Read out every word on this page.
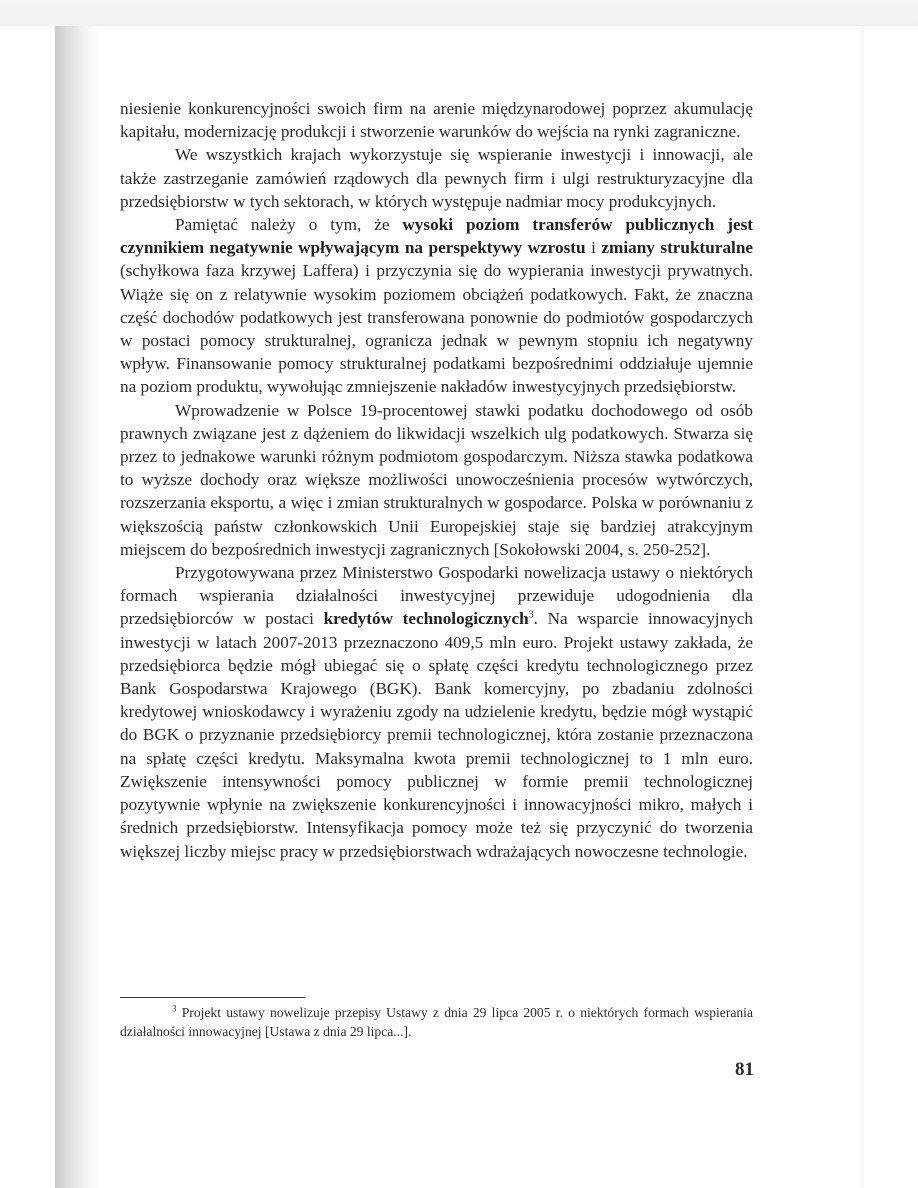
niesienie konkurencyjności swoich firm na arenie międzynarodowej poprzez akumulację kapitału, modernizację produkcji i stworzenie warunków do wejścia na rynki zagraniczne.

We wszystkich krajach wykorzystuje się wspieranie inwestycji i innowacji, ale także zastrzeganie zamówień rządowych dla pewnych firm i ulgi restrukturyzacyjne dla przedsiębiorstw w tych sektorach, w których występuje nadmiar mocy produkcyjnych.

Pamiętać należy o tym, że wysoki poziom transferów publicznych jest czynnikiem negatywnie wpływającym na perspektywy wzrostu i zmiany strukturalne (schyłkowa faza krzywej Laffera) i przyczynia się do wypierania inwestycji prywatnych. Wiąże się on z relatywnie wysokim poziomem obciążeń podatkowych. Fakt, że znaczna część dochodów podatkowych jest transferowana ponownie do podmiotów gospodarczych w postaci pomocy strukturalnej, ogranicza jednak w pewnym stopniu ich negatywny wpływ. Finansowanie pomocy strukturalnej podatkami bezpośrednimi oddziałuje ujemnie na poziom produktu, wywołując zmniejszenie nakładów inwestycyjnych przedsiębiorstw.

Wprowadzenie w Polsce 19-procentowej stawki podatku dochodowego od osób prawnych związane jest z dążeniem do likwidacji wszelkich ulg podatkowych. Stwarza się przez to jednakowe warunki różnym podmiotom gospodarczym. Niższa stawka podatkowa to wyższe dochody oraz większe możliwości unowocześnienia procesów wytwórczych, rozszerzania eksportu, a więc i zmian strukturalnych w gospodarce. Polska w porównaniu z większością państw członkowskich Unii Europejskiej staje się bardziej atrakcyjnym miejscem do bezpośrednich inwestycji zagranicznych [Sokołowski 2004, s. 250-252].

Przygotowywana przez Ministerstwo Gospodarki nowelizacja ustawy o niektórych formach wspierania działalności inwestycyjnej przewiduje udogodnienia dla przedsiębiorców w postaci kredytów technologicznych$^3$. Na wsparcie innowacyjnych inwestycji w latach 2007-2013 przeznaczono 409,5 mln euro. Projekt ustawy zakłada, że przedsiębiorca będzie mógł ubiegać się o spłatę części kredytu technologicznego przez Bank Gospodarstwa Krajowego (BGK). Bank komercyjny, po zbadaniu zdolności kredytowej wnioskodawcy i wyrażeniu zgody na udzielenie kredytu, będzie mógł wystąpić do BGK o przyznanie przedsiębiorcy premii technologicznej, która zostanie przeznaczona na spłatę części kredytu. Maksymalna kwota premii technologicznej to 1 mln euro. Zwiększenie intensywności pomocy publicznej w formie premii technologicznej pozytywnie wpłynie na zwiększenie konkurencyjności i innowacyjności mikro, małych i średnich przedsiębiorstw. Intensyfikacja pomocy może też się przyczynić do tworzenia większej liczby miejsc pracy w przedsiębiorstwach wdrażających nowoczesne technologie.

$^3$ Projekt ustawy nowelizuje przepisy Ustawy z dnia 29 lipca 2005 r. o niektórych formach wspierania działalności innowacyjnej [Ustawa z dnia 29 lipca...].

81
